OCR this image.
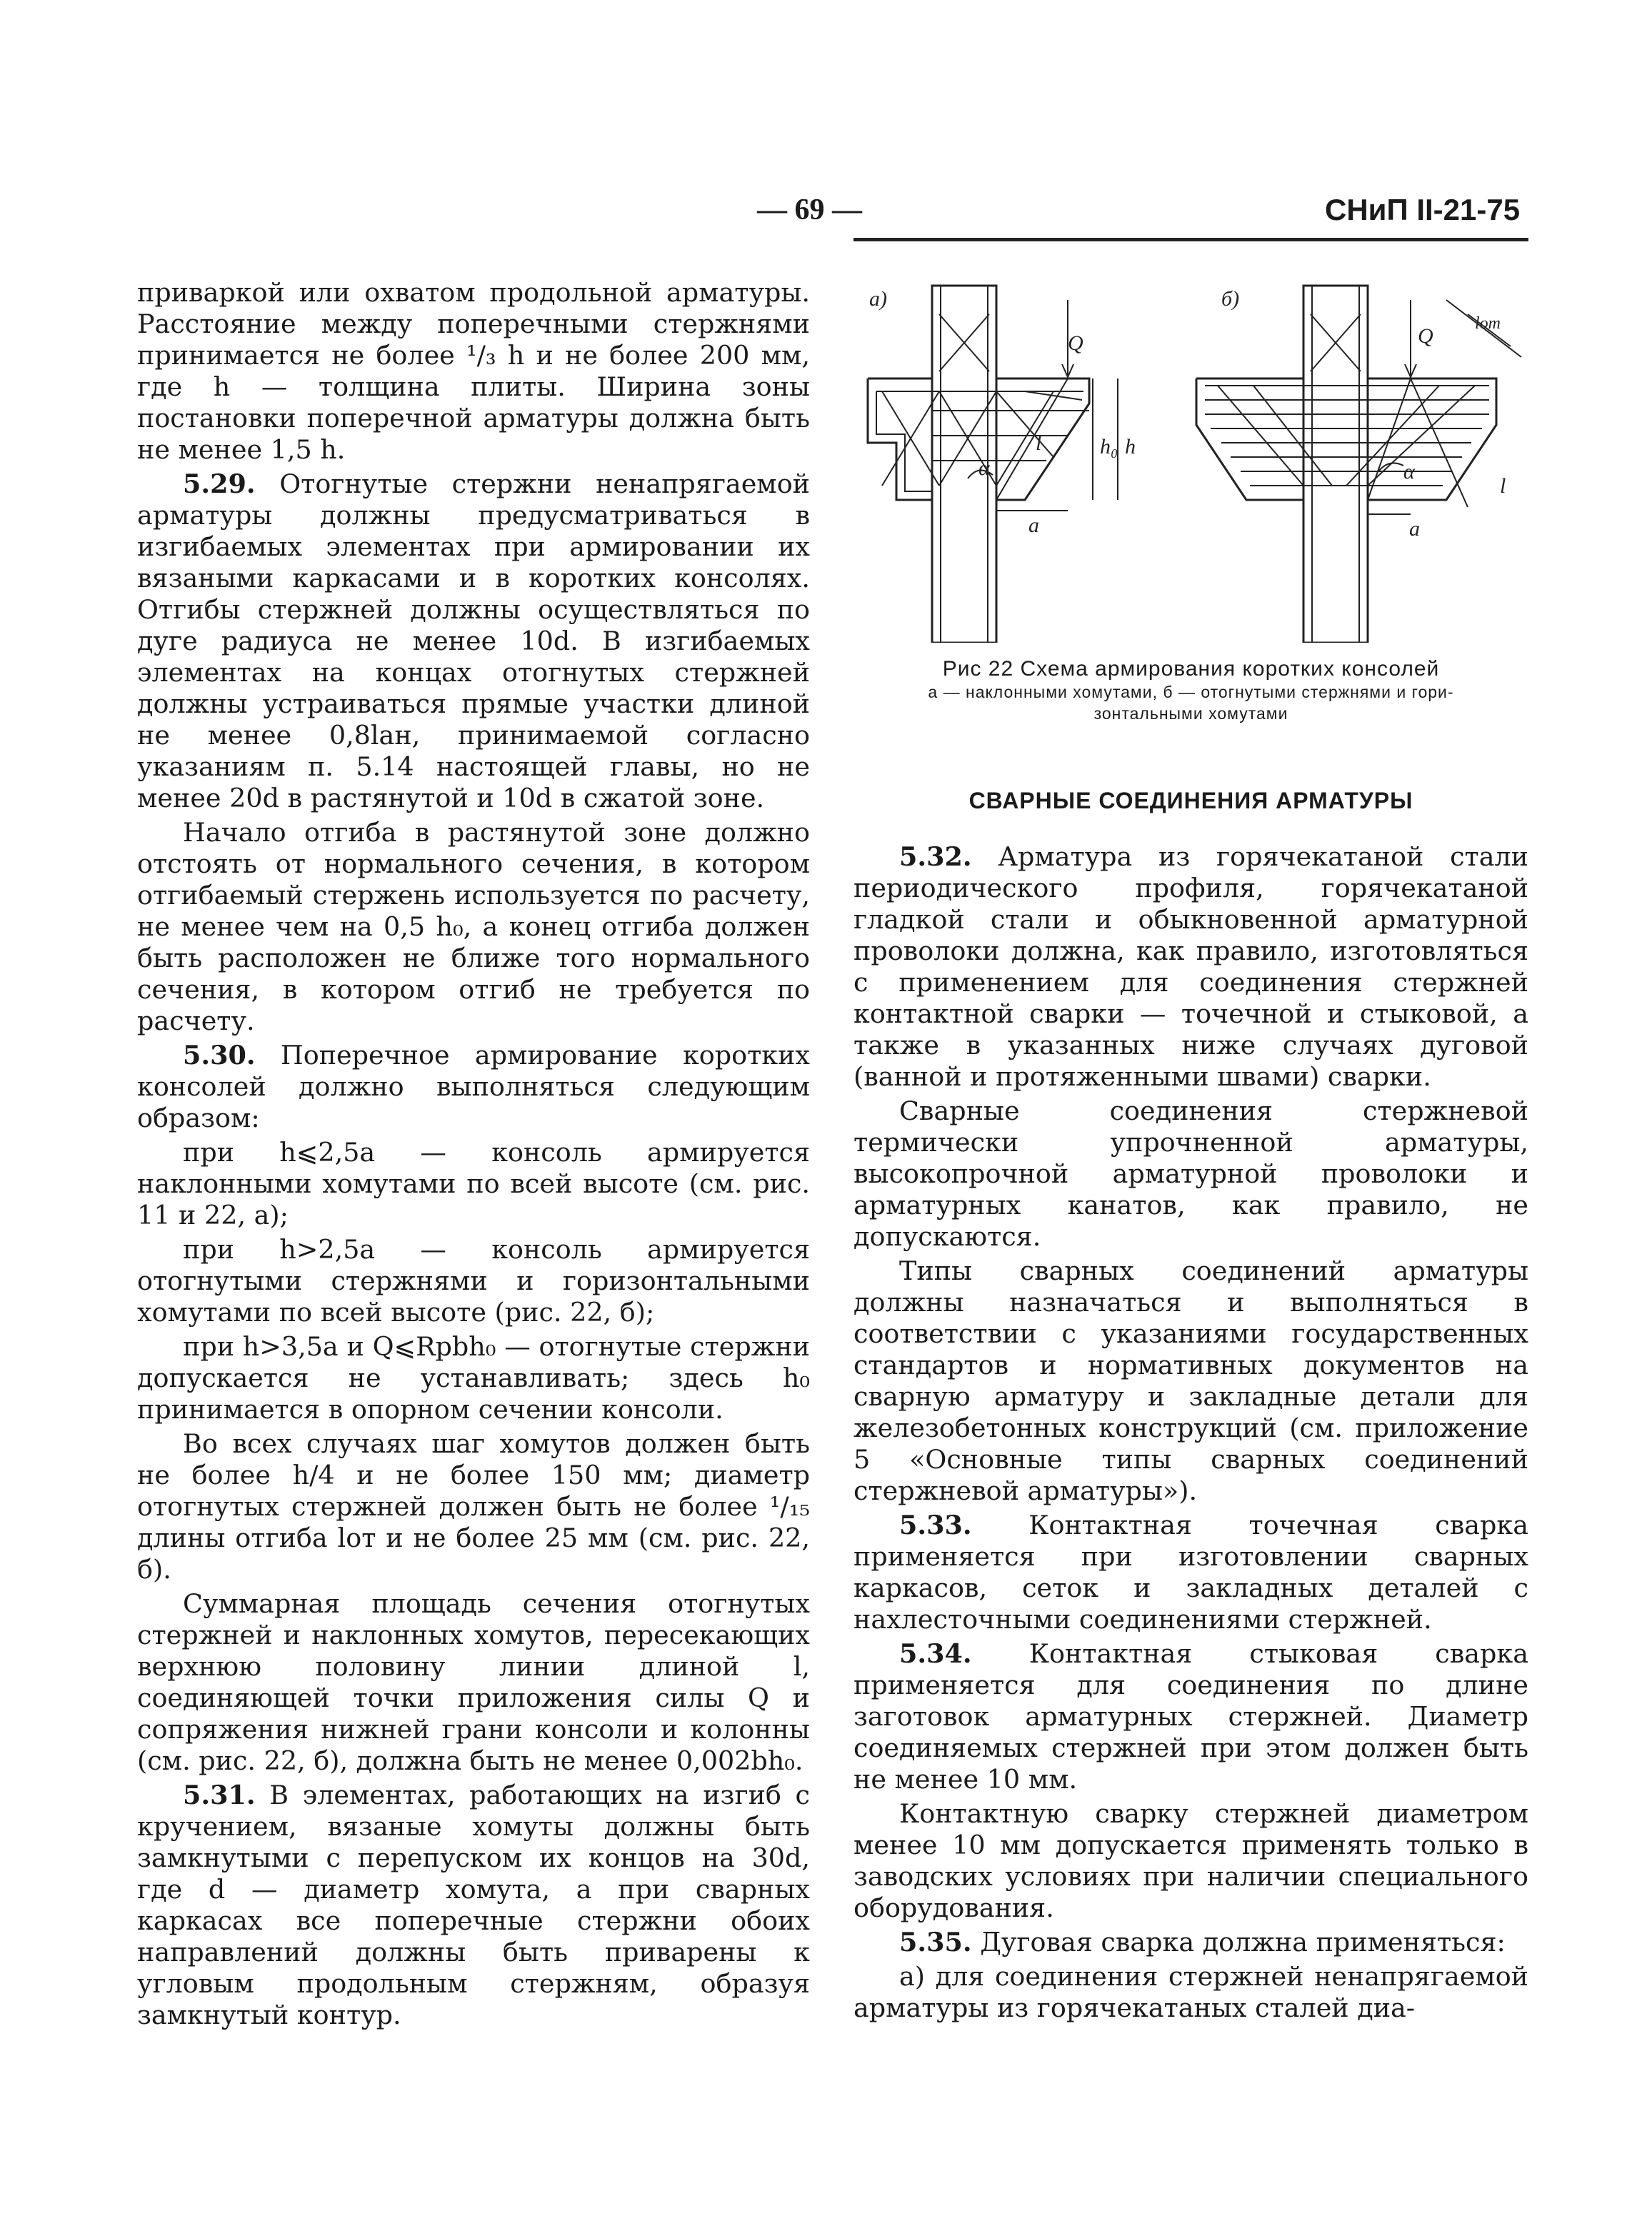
— 69 —	СНиП II-21-75
а)
Q
h₀ h
l
α
a
б)
Q
lот
l
α
a
Рис 22 Схема армирования коротких консолей
а — наклонными хомутами, б — отогнутыми стержнями и гори-
зонтальными хомутами
СВАРНЫЕ СОЕДИНЕНИЯ АРМАТУРЫ

приваркой или охватом продольной арматуры. Расстояние между поперечными стержнями принимается не более ¹/₃ h и не более 200 мм, где h — толщина плиты. Ширина зоны постановки поперечной арматуры должна быть не менее 1,5 h.

5.29. Отогнутые стержни ненапрягаемой арматуры должны предусматриваться в изгибаемых элементах при армировании их вязаными каркасами и в коротких консолях. Отгибы стержней должны осуществляться по дуге радиуса не менее 10d. В изгибаемых элементах на концах отогнутых стержней должны устраиваться прямые участки длиной не менее 0,8lан, принимаемой согласно указаниям п. 5.14 настоящей главы, но не менее 20d в растянутой и 10d в сжатой зоне.

Начало отгиба в растянутой зоне должно отстоять от нормального сечения, в котором отгибаемый стержень используется по расчету, не менее чем на 0,5 h₀, а конец отгиба должен быть расположен не ближе того нормального сечения, в котором отгиб не требуется по расчету.

5.30. Поперечное армирование коротких консолей должно выполняться следующим образом:

при h⩽2,5a — консоль армируется наклонными хомутами по всей высоте (см. рис. 11 и 22, а);

при h>2,5a — консоль армируется отогнутыми стержнями и горизонтальными хомутами по всей высоте (рис. 22, б);

при h>3,5a и Q⩽Rрbh₀ — отогнутые стержни допускается не устанавливать; здесь h₀ принимается в опорном сечении консоли.

Во всех случаях шаг хомутов должен быть не более h/4 и не более 150 мм; диаметр отогнутых стержней должен быть не более ¹/₁₅ длины отгиба lот и не более 25 мм (см. рис. 22, б).

Суммарная площадь сечения отогнутых стержней и наклонных хомутов, пересекающих верхнюю половину линии длиной l, соединяющей точки приложения силы Q и сопряжения нижней грани консоли и колонны (см. рис. 22, б), должна быть не менее 0,002bh₀.

5.31. В элементах, работающих на изгиб с кручением, вязаные хомуты должны быть замкнутыми с перепуском их концов на 30d, где d — диаметр хомута, а при сварных каркасах все поперечные стержни обоих направлений должны быть приварены к угловым продольным стержням, образуя замкнутый контур.

5.32. Арматура из горячекатаной стали периодического профиля, горячекатаной гладкой стали и обыкновенной арматурной проволоки должна, как правило, изготовляться с применением для соединения стержней контактной сварки — точечной и стыковой, а также в указанных ниже случаях дуговой (ванной и протяженными швами) сварки.

Сварные соединения стержневой термически упрочненной арматуры, высокопрочной арматурной проволоки и арматурных канатов, как правило, не допускаются.

Типы сварных соединений арматуры должны назначаться и выполняться в соответствии с указаниями государственных стандартов и нормативных документов на сварную арматуру и закладные детали для железобетонных конструкций (см. приложение 5 «Основные типы сварных соединений стержневой арматуры»).

5.33. Контактная точечная сварка применяется при изготовлении сварных каркасов, сеток и закладных деталей с нахлесточными соединениями стержней.

5.34. Контактная стыковая сварка применяется для соединения по длине заготовок арматурных стержней. Диаметр соединяемых стержней при этом должен быть не менее 10 мм.

Контактную сварку стержней диаметром менее 10 мм допускается применять только в заводских условиях при наличии специального оборудования.

5.35. Дуговая сварка должна применяться:

а) для соединения стержней ненапрягаемой арматуры из горячекатаных сталей диа-
